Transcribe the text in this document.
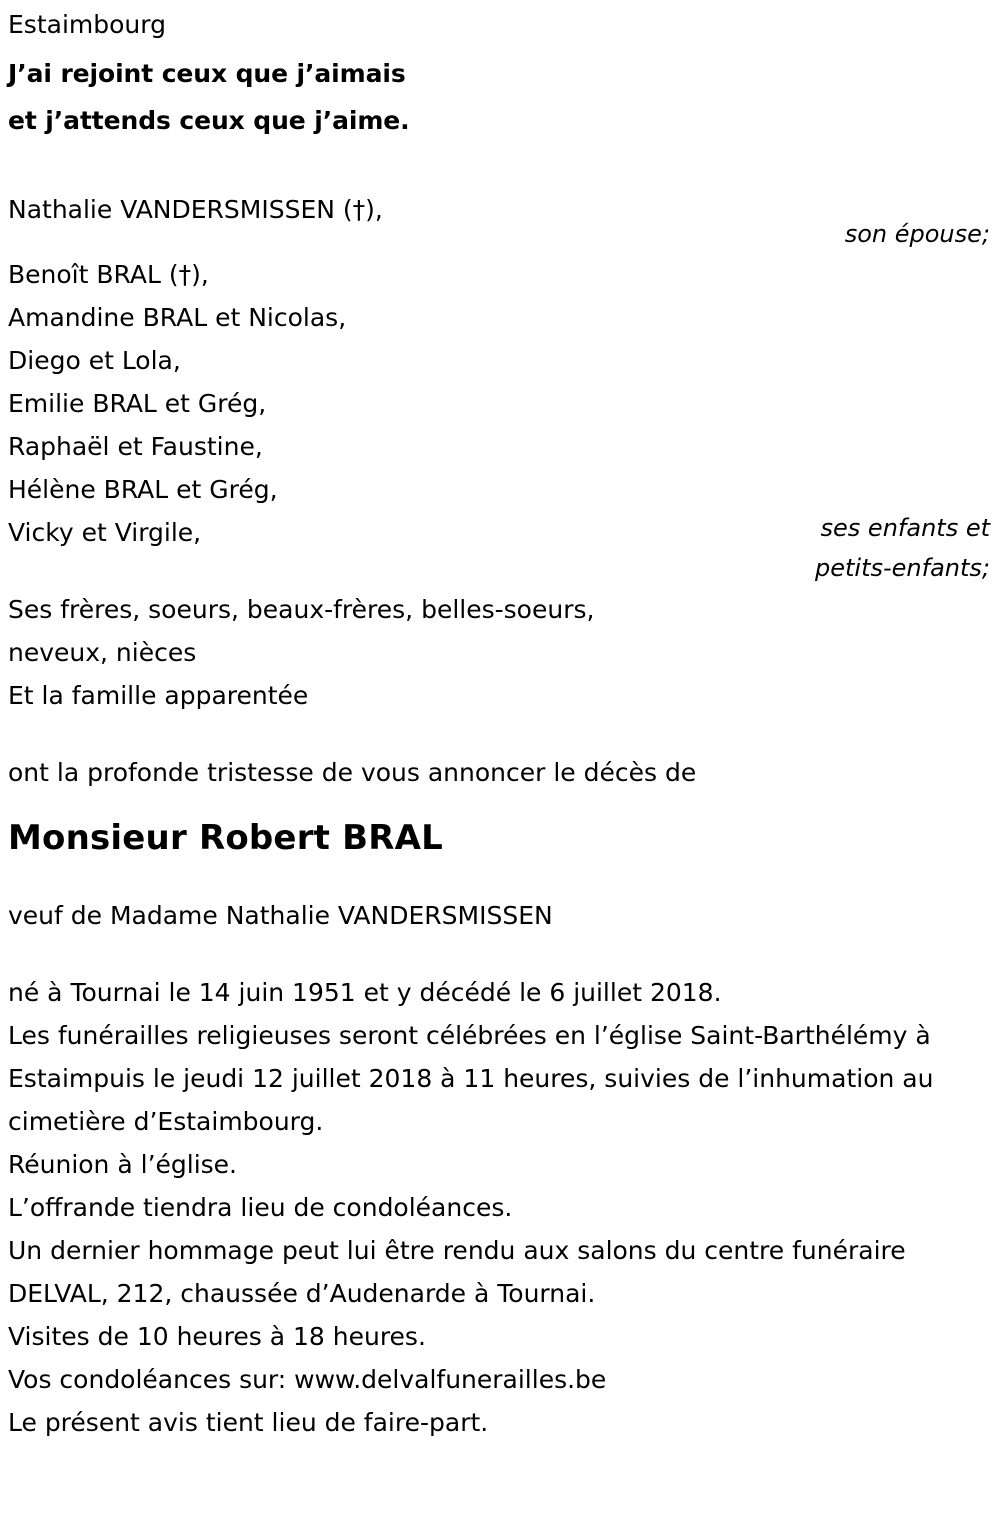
Estaimbourg
J’ai rejoint ceux que j’aimais
et j’attends ceux que j’aime.
Nathalie VANDERSMISSEN (†),
son épouse;
Benoît BRAL (†),
Amandine BRAL et Nicolas,
Diego et Lola,
Emilie BRAL et Grég,
Raphaël et Faustine,
Hélène BRAL et Grég,
Vicky et Virgile,	ses enfants et
petits-enfants;
Ses frères, soeurs, beaux-frères, belles-soeurs,
neveux, nièces
Et la famille apparentée
ont la profonde tristesse de vous annoncer le décès de
Monsieur Robert BRAL
veuf de Madame Nathalie VANDERSMISSEN
né à Tournai le 14 juin 1951 et y décédé le 6 juillet 2018.
Les funérailles religieuses seront célébrées en l’église Saint-Barthélémy à Estaimpuis le jeudi 12 juillet 2018 à 11 heures, suivies de l’inhumation au cimetière d’Estaimbourg.
Réunion à l’église.
L’offrande tiendra lieu de condoléances.
Un dernier hommage peut lui être rendu aux salons du centre funéraire DELVAL, 212, chaussée d’Audenarde à Tournai.
Visites de 10 heures à 18 heures.
Vos condoléances sur: www.delvalfunerailles.be
Le présent avis tient lieu de faire-part.
